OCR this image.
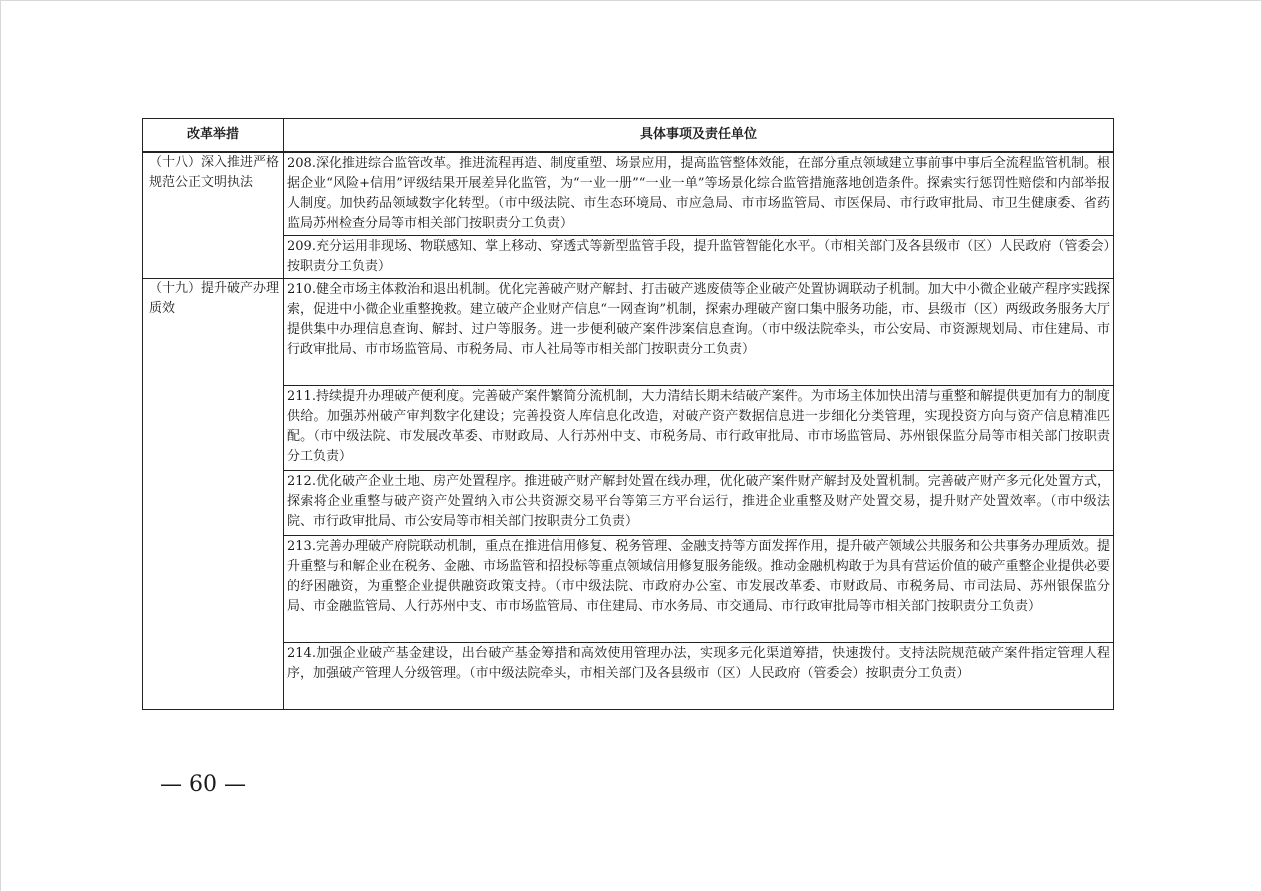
改革举措	具体事项及责任单位
（十八）深入推进严格规范公正文明执法	208.深化推进综合监管改革。推进流程再造、制度重塑、场景应用，提高监管整体效能，在部分重点领域建立事前事中事后全流程监管机制。根据企业“风险+信用”评级结果开展差异化监管，为“一业一册”“一业一单”等场景化综合监管措施落地创造条件。探索实行惩罚性赔偿和内部举报人制度。加快药品领域数字化转型。（市中级法院、市生态环境局、市应急局、市市场监管局、市医保局、市行政审批局、市卫生健康委、省药监局苏州检查分局等市相关部门按职责分工负责）
	209.充分运用非现场、物联感知、掌上移动、穿透式等新型监管手段，提升监管智能化水平。（市相关部门及各县级市（区）人民政府（管委会）按职责分工负责）
（十九）提升破产办理质效	210.健全市场主体救治和退出机制。优化完善破产财产解封、打击破产逃废债等企业破产处置协调联动子机制。加大中小微企业破产程序实践探索，促进中小微企业重整挽救。建立破产企业财产信息“一网查询”机制，探索办理破产窗口集中服务功能，市、县级市（区）两级政务服务大厅提供集中办理信息查询、解封、过户等服务。进一步便利破产案件涉案信息查询。（市中级法院牵头，市公安局、市资源规划局、市住建局、市行政审批局、市市场监管局、市税务局、市人社局等市相关部门按职责分工负责）
	211.持续提升办理破产便利度。完善破产案件繁简分流机制，大力清结长期未结破产案件。为市场主体加快出清与重整和解提供更加有力的制度供给。加强苏州破产审判数字化建设；完善投资人库信息化改造，对破产资产数据信息进一步细化分类管理，实现投资方向与资产信息精准匹配。（市中级法院、市发展改革委、市财政局、人行苏州中支、市税务局、市行政审批局、市市场监管局、苏州银保监分局等市相关部门按职责分工负责）
	212.优化破产企业土地、房产处置程序。推进破产财产解封处置在线办理，优化破产案件财产解封及处置机制。完善破产财产多元化处置方式，探索将企业重整与破产资产处置纳入市公共资源交易平台等第三方平台运行，推进企业重整及财产处置交易，提升财产处置效率。（市中级法院、市行政审批局、市公安局等市相关部门按职责分工负责）
	213.完善办理破产府院联动机制，重点在推进信用修复、税务管理、金融支持等方面发挥作用，提升破产领域公共服务和公共事务办理质效。提升重整与和解企业在税务、金融、市场监管和招投标等重点领域信用修复服务能级。推动金融机构敢于为具有营运价值的破产重整企业提供必要的纾困融资，为重整企业提供融资政策支持。（市中级法院、市政府办公室、市发展改革委、市财政局、市税务局、市司法局、苏州银保监分局、市金融监管局、人行苏州中支、市市场监管局、市住建局、市水务局、市交通局、市行政审批局等市相关部门按职责分工负责）
	214.加强企业破产基金建设，出台破产基金筹措和高效使用管理办法，实现多元化渠道筹措，快速拨付。支持法院规范破产案件指定管理人程序，加强破产管理人分级管理。（市中级法院牵头，市相关部门及各县级市（区）人民政府（管委会）按职责分工负责）
— 60 —
